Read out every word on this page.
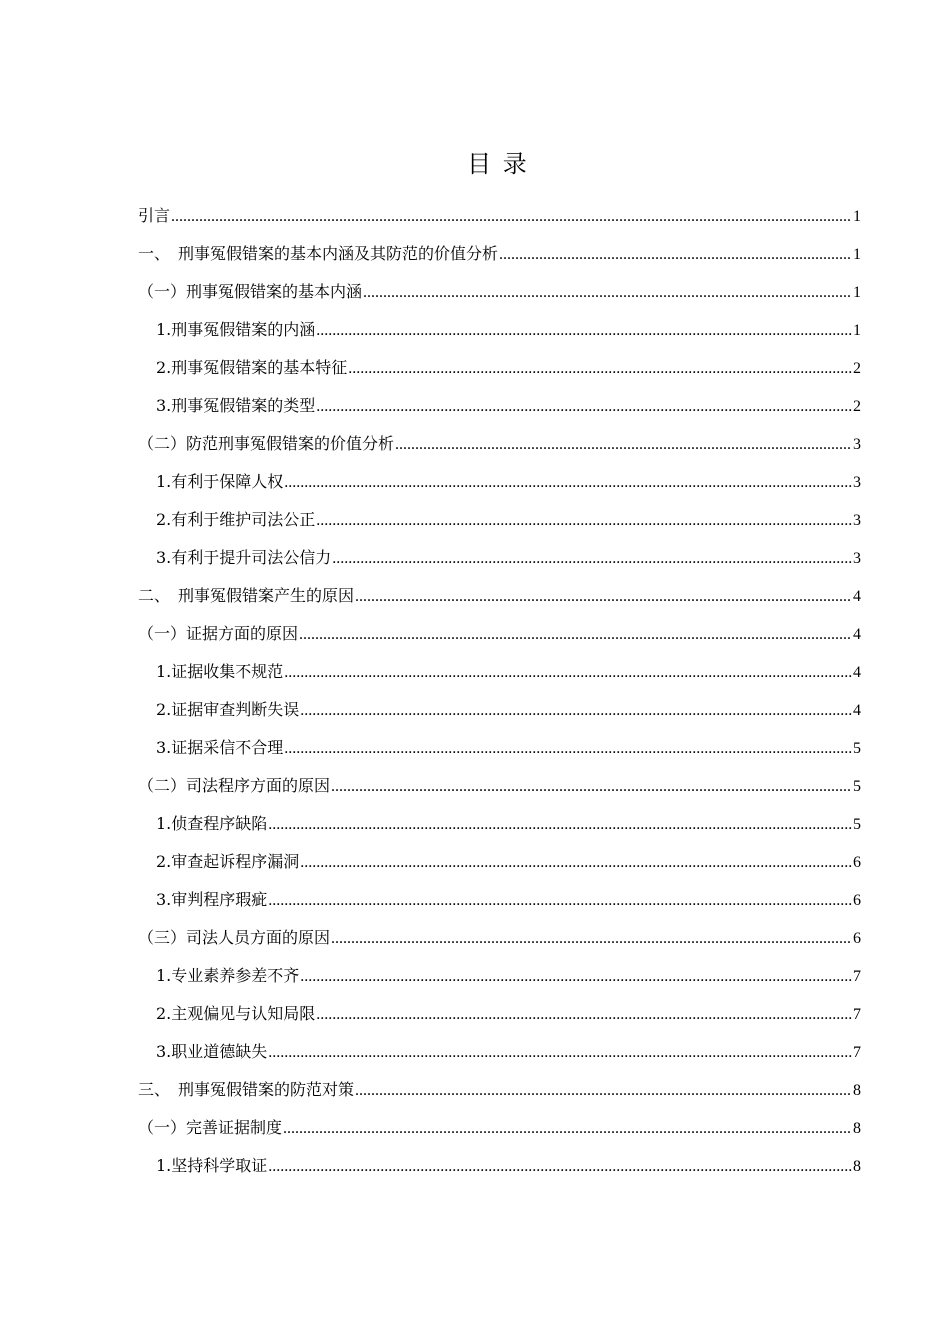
目 录
引言 .....	1
一、　刑事冤假错案的基本内涵及其防范的价值分析 .....	1
（一）刑事冤假错案的基本内涵 .....	1
1.刑事冤假错案的内涵 .....	1
2.刑事冤假错案的基本特征 .....	2
3.刑事冤假错案的类型 .....	2
（二）防范刑事冤假错案的价值分析 .....	3
1.有利于保障人权 .....	3
2.有利于维护司法公正 .....	3
3.有利于提升司法公信力 .....	3
二、　刑事冤假错案产生的原因 .....	4
（一）证据方面的原因 .....	4
1.证据收集不规范 .....	4
2.证据审查判断失误 .....	4
3.证据采信不合理 .....	5
（二）司法程序方面的原因 .....	5
1.侦查程序缺陷 .....	5
2.审查起诉程序漏洞 .....	6
3.审判程序瑕疵 .....	6
（三）司法人员方面的原因 .....	6
1.专业素养参差不齐 .....	7
2.主观偏见与认知局限 .....	7
3.职业道德缺失 .....	7
三、　刑事冤假错案的防范对策 .....	8
（一）完善证据制度 .....	8
1.坚持科学取证 .....	8
